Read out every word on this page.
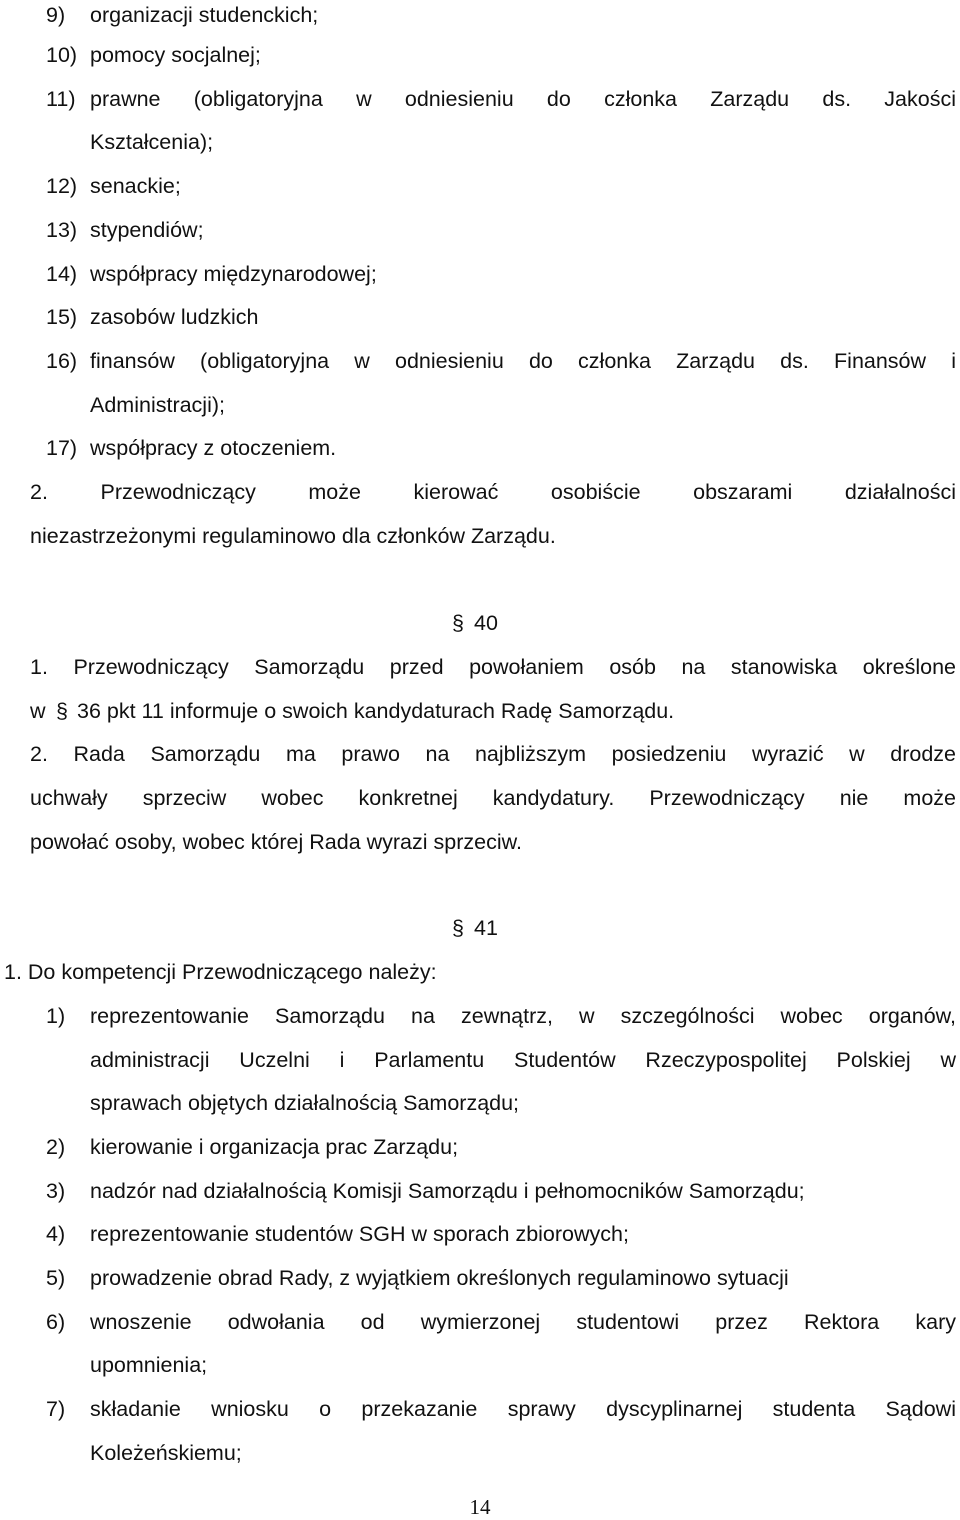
9) organizacji studenckich;
10) pomocy socjalnej;
11) prawne (obligatoryjna w odniesieniu do członka Zarządu ds. Jakości
Kształcenia);
12) senackie;
13) stypendiów;
14) współpracy międzynarodowej;
15) zasobów ludzkich
16) finansów (obligatoryjna w odniesieniu do członka Zarządu ds. Finansów i
Administracji);
17) współpracy z otoczeniem.
2. Przewodniczący może kierować osobiście obszarami działalności
niezastrzeżonymi regulaminowo dla członków Zarządu.
§ 40
1. Przewodniczący Samorządu przed powołaniem osób na stanowiska określone
w § 36 pkt 11 informuje o swoich kandydaturach Radę Samorządu.
2. Rada Samorządu ma prawo na najbliższym posiedzeniu wyrazić w drodze
uchwały sprzeciw wobec konkretnej kandydatury. Przewodniczący nie może
powołać osoby, wobec której Rada wyrazi sprzeciw.
§ 41
1. Do kompetencji Przewodniczącego należy:
1) reprezentowanie Samorządu na zewnątrz, w szczególności wobec organów,
administracji Uczelni i Parlamentu Studentów Rzeczypospolitej Polskiej w
sprawach objętych działalnością Samorządu;
2) kierowanie i organizacja prac Zarządu;
3) nadzór nad działalnością Komisji Samorządu i pełnomocników Samorządu;
4) reprezentowanie studentów SGH w sporach zbiorowych;
5) prowadzenie obrad Rady, z wyjątkiem określonych regulaminowo sytuacji
6) wnoszenie odwołania od wymierzonej studentowi przez Rektora kary
upomnienia;
7) składanie wniosku o przekazanie sprawy dyscyplinarnej studenta Sądowi
Koleżeńskiemu;
14
